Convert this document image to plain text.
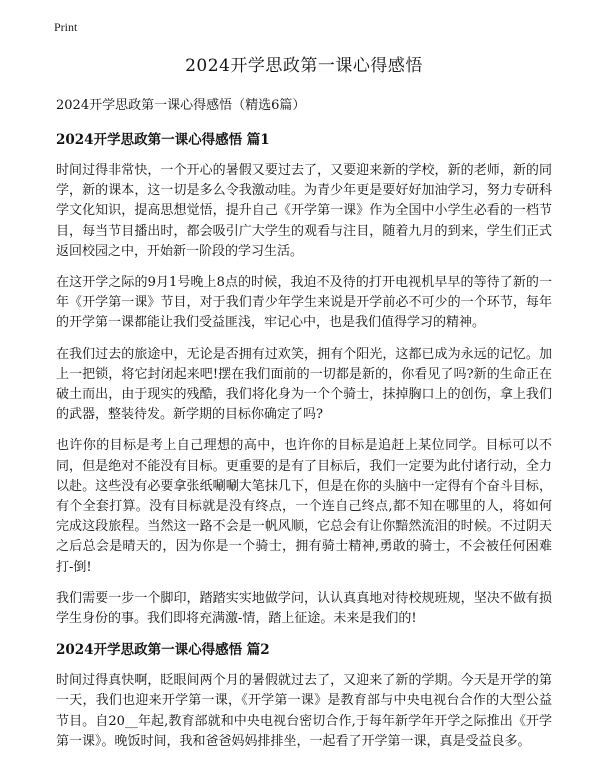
Print
2024开学思政第一课心得感悟
2024开学思政第一课心得感悟（精选6篇）
2024开学思政第一课心得感悟 篇1

时间过得非常快，一个开心的暑假又要过去了，又要迎来新的学校，新的老师，新的同学，新的课本，这一切是多么令我激动哇。为青少年更是要好好加油学习，努力专研科学文化知识，提高思想觉悟，提升自己《开学第一课》作为全国中小学生必看的一档节目，每当节目播出时，都会吸引广大学生的观看与注目，随着九月的到来，学生们正式返回校园之中，开始新一阶段的学习生活。

在这开学之际的9月1号晚上8点的时候，我迫不及待的打开电视机早早的等待了新的一年《开学第一课》节目，对于我们青少年学生来说是开学前必不可少的一个环节，每年的开学第一课都能让我们受益匪浅，牢记心中，也是我们值得学习的精神。

在我们过去的旅途中，无论是否拥有过欢笑，拥有个阳光，这都已成为永远的记忆。加上一把锁，将它封闭起来吧!摆在我们面前的一切都是新的，你看见了吗?新的生命正在破土而出，由于现实的残酷，我们将化身为一个个骑士，抹掉胸口上的创伤，拿上我们的武器，整装待发。新学期的目标你确定了吗?

也许你的目标是考上自己理想的高中，也许你的目标是追赶上某位同学。目标可以不同，但是绝对不能没有目标。更重要的是有了目标后，我们一定要为此付诸行动，全力以赴。这些没有必要拿张纸唰唰大笔抹几下，但是在你的头脑中一定得有个奋斗目标，有个全套打算。没有目标就是没有终点，一个连自己终点,都不知在哪里的人，将如何完成这段旅程。当然这一路不会是一帆风顺，它总会有让你黯然流泪的时候。不过阴天之后总会是晴天的，因为你是一个骑士，拥有骑士精神,勇敢的骑士，不会被任何困难打-倒!

我们需要一步一个脚印，踏踏实实地做学问，认认真真地对待校规班规，坚决不做有损学生身份的事。我们即将充满激-情，踏上征途。未来是我们的!

2024开学思政第一课心得感悟 篇2

时间过得真快啊，眨眼间两个月的暑假就过去了，又迎来了新的学期。今天是开学的第一天，我们也迎来开学第一课，《开学第一课》是教育部与中央电视台合作的大型公益节目。自20__年起,教育部就和中央电视台密切合作,于每年新学年开学之际推出《开学第一课》。晚饭时间，我和爸爸妈妈排排坐，一起看了开学第一课，真是受益良多。
